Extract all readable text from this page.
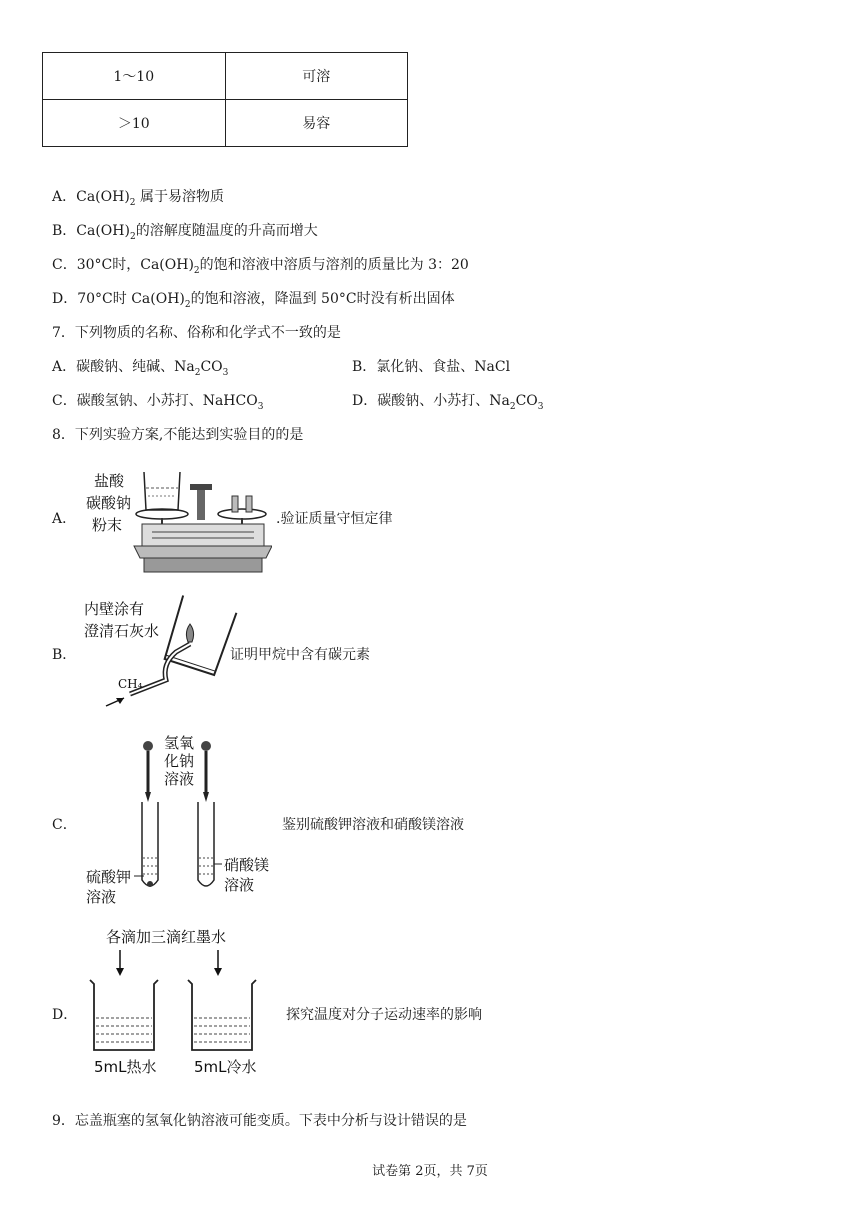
1～10	可溶
＞10	易容
A．$Ca(OH)_2$ 属于易溶物质
B．$Ca(OH)_2$的溶解度随温度的升高而增大
C．30°C时，$Ca(OH)_2$的饱和溶液中溶质与溶剂的质量比为 3：20
D．70°C时 $Ca(OH)_2$的饱和溶液，降温到 50°C时没有析出固体
7．下列物质的名称、俗称和化学式不一致的是
A．碳酸钠、纯碱、$Na_2CO_3$	B．氯化钠、食盐、NaCl
C．碳酸氢钠、小苏打、NaHCO$_3$	D．碳酸钠、小苏打、$Na_2CO_3$
8．下列实验方案,不能达到实验目的的是
A．
盐酸
碳酸钠
粉末	.验证质量守恒定律
B．
内壁涂有
澄清石灰水
CH₄
证明甲烷中含有碳元素
C．
氢氧
化钠
溶液
硫酸钾
溶液
硝酸镁
溶液
鉴别硫酸钾溶液和硝酸镁溶液
D．
各滴加三滴红墨水
5mL热水 5mL冷水
探究温度对分子运动速率的影响
9．忘盖瓶塞的氢氧化钠溶液可能变质。下表中分析与设计错误的是
试卷第 2页，共 7页
